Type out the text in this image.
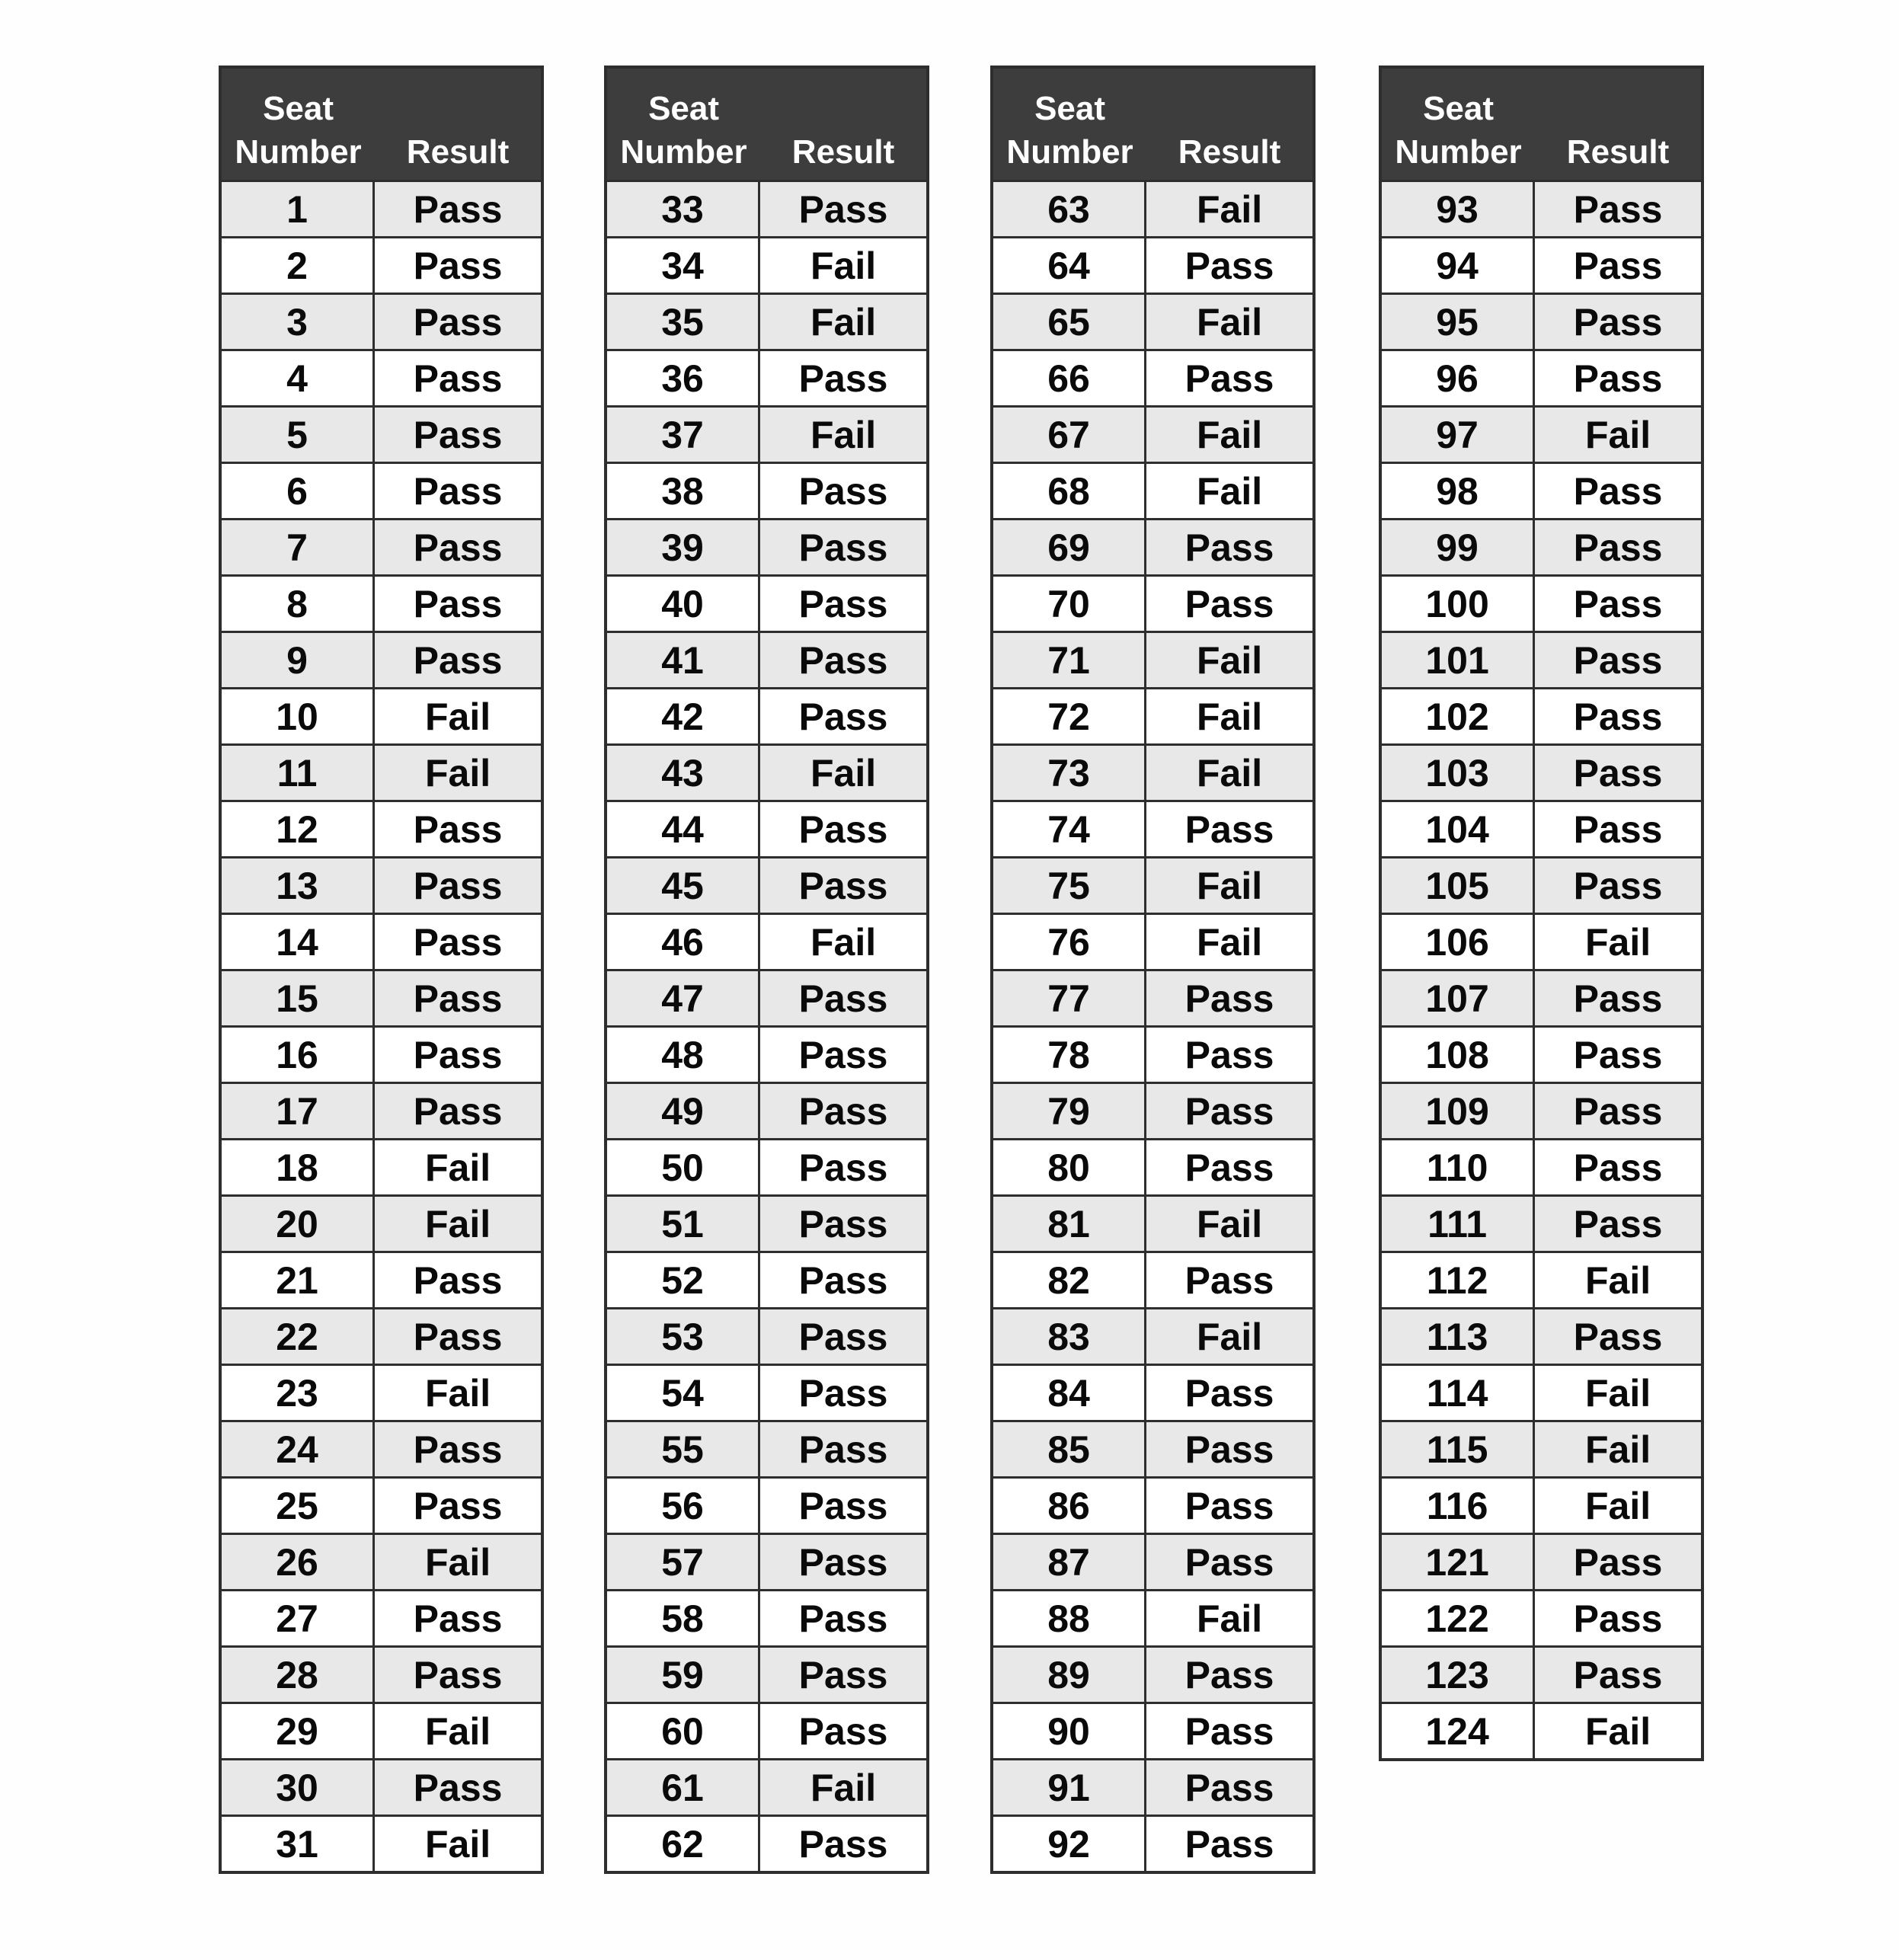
Seat Number	Result
1	Pass
2	Pass
3	Pass
4	Pass
5	Pass
6	Pass
7	Pass
8	Pass
9	Pass
10	Fail
11	Fail
12	Pass
13	Pass
14	Pass
15	Pass
16	Pass
17	Pass
18	Fail
20	Fail
21	Pass
22	Pass
23	Fail
24	Pass
25	Pass
26	Fail
27	Pass
28	Pass
29	Fail
30	Pass
31	Fail
Seat Number	Result
33	Pass
34	Fail
35	Fail
36	Pass
37	Fail
38	Pass
39	Pass
40	Pass
41	Pass
42	Pass
43	Fail
44	Pass
45	Pass
46	Fail
47	Pass
48	Pass
49	Pass
50	Pass
51	Pass
52	Pass
53	Pass
54	Pass
55	Pass
56	Pass
57	Pass
58	Pass
59	Pass
60	Pass
61	Fail
62	Pass
Seat Number	Result
63	Fail
64	Pass
65	Fail
66	Pass
67	Fail
68	Fail
69	Pass
70	Pass
71	Fail
72	Fail
73	Fail
74	Pass
75	Fail
76	Fail
77	Pass
78	Pass
79	Pass
80	Pass
81	Fail
82	Pass
83	Fail
84	Pass
85	Pass
86	Pass
87	Pass
88	Fail
89	Pass
90	Pass
91	Pass
92	Pass
Seat Number	Result
93	Pass
94	Pass
95	Pass
96	Pass
97	Fail
98	Pass
99	Pass
100	Pass
101	Pass
102	Pass
103	Pass
104	Pass
105	Pass
106	Fail
107	Pass
108	Pass
109	Pass
110	Pass
111	Pass
112	Fail
113	Pass
114	Fail
115	Fail
116	Fail
121	Pass
122	Pass
123	Pass
124	Fail
